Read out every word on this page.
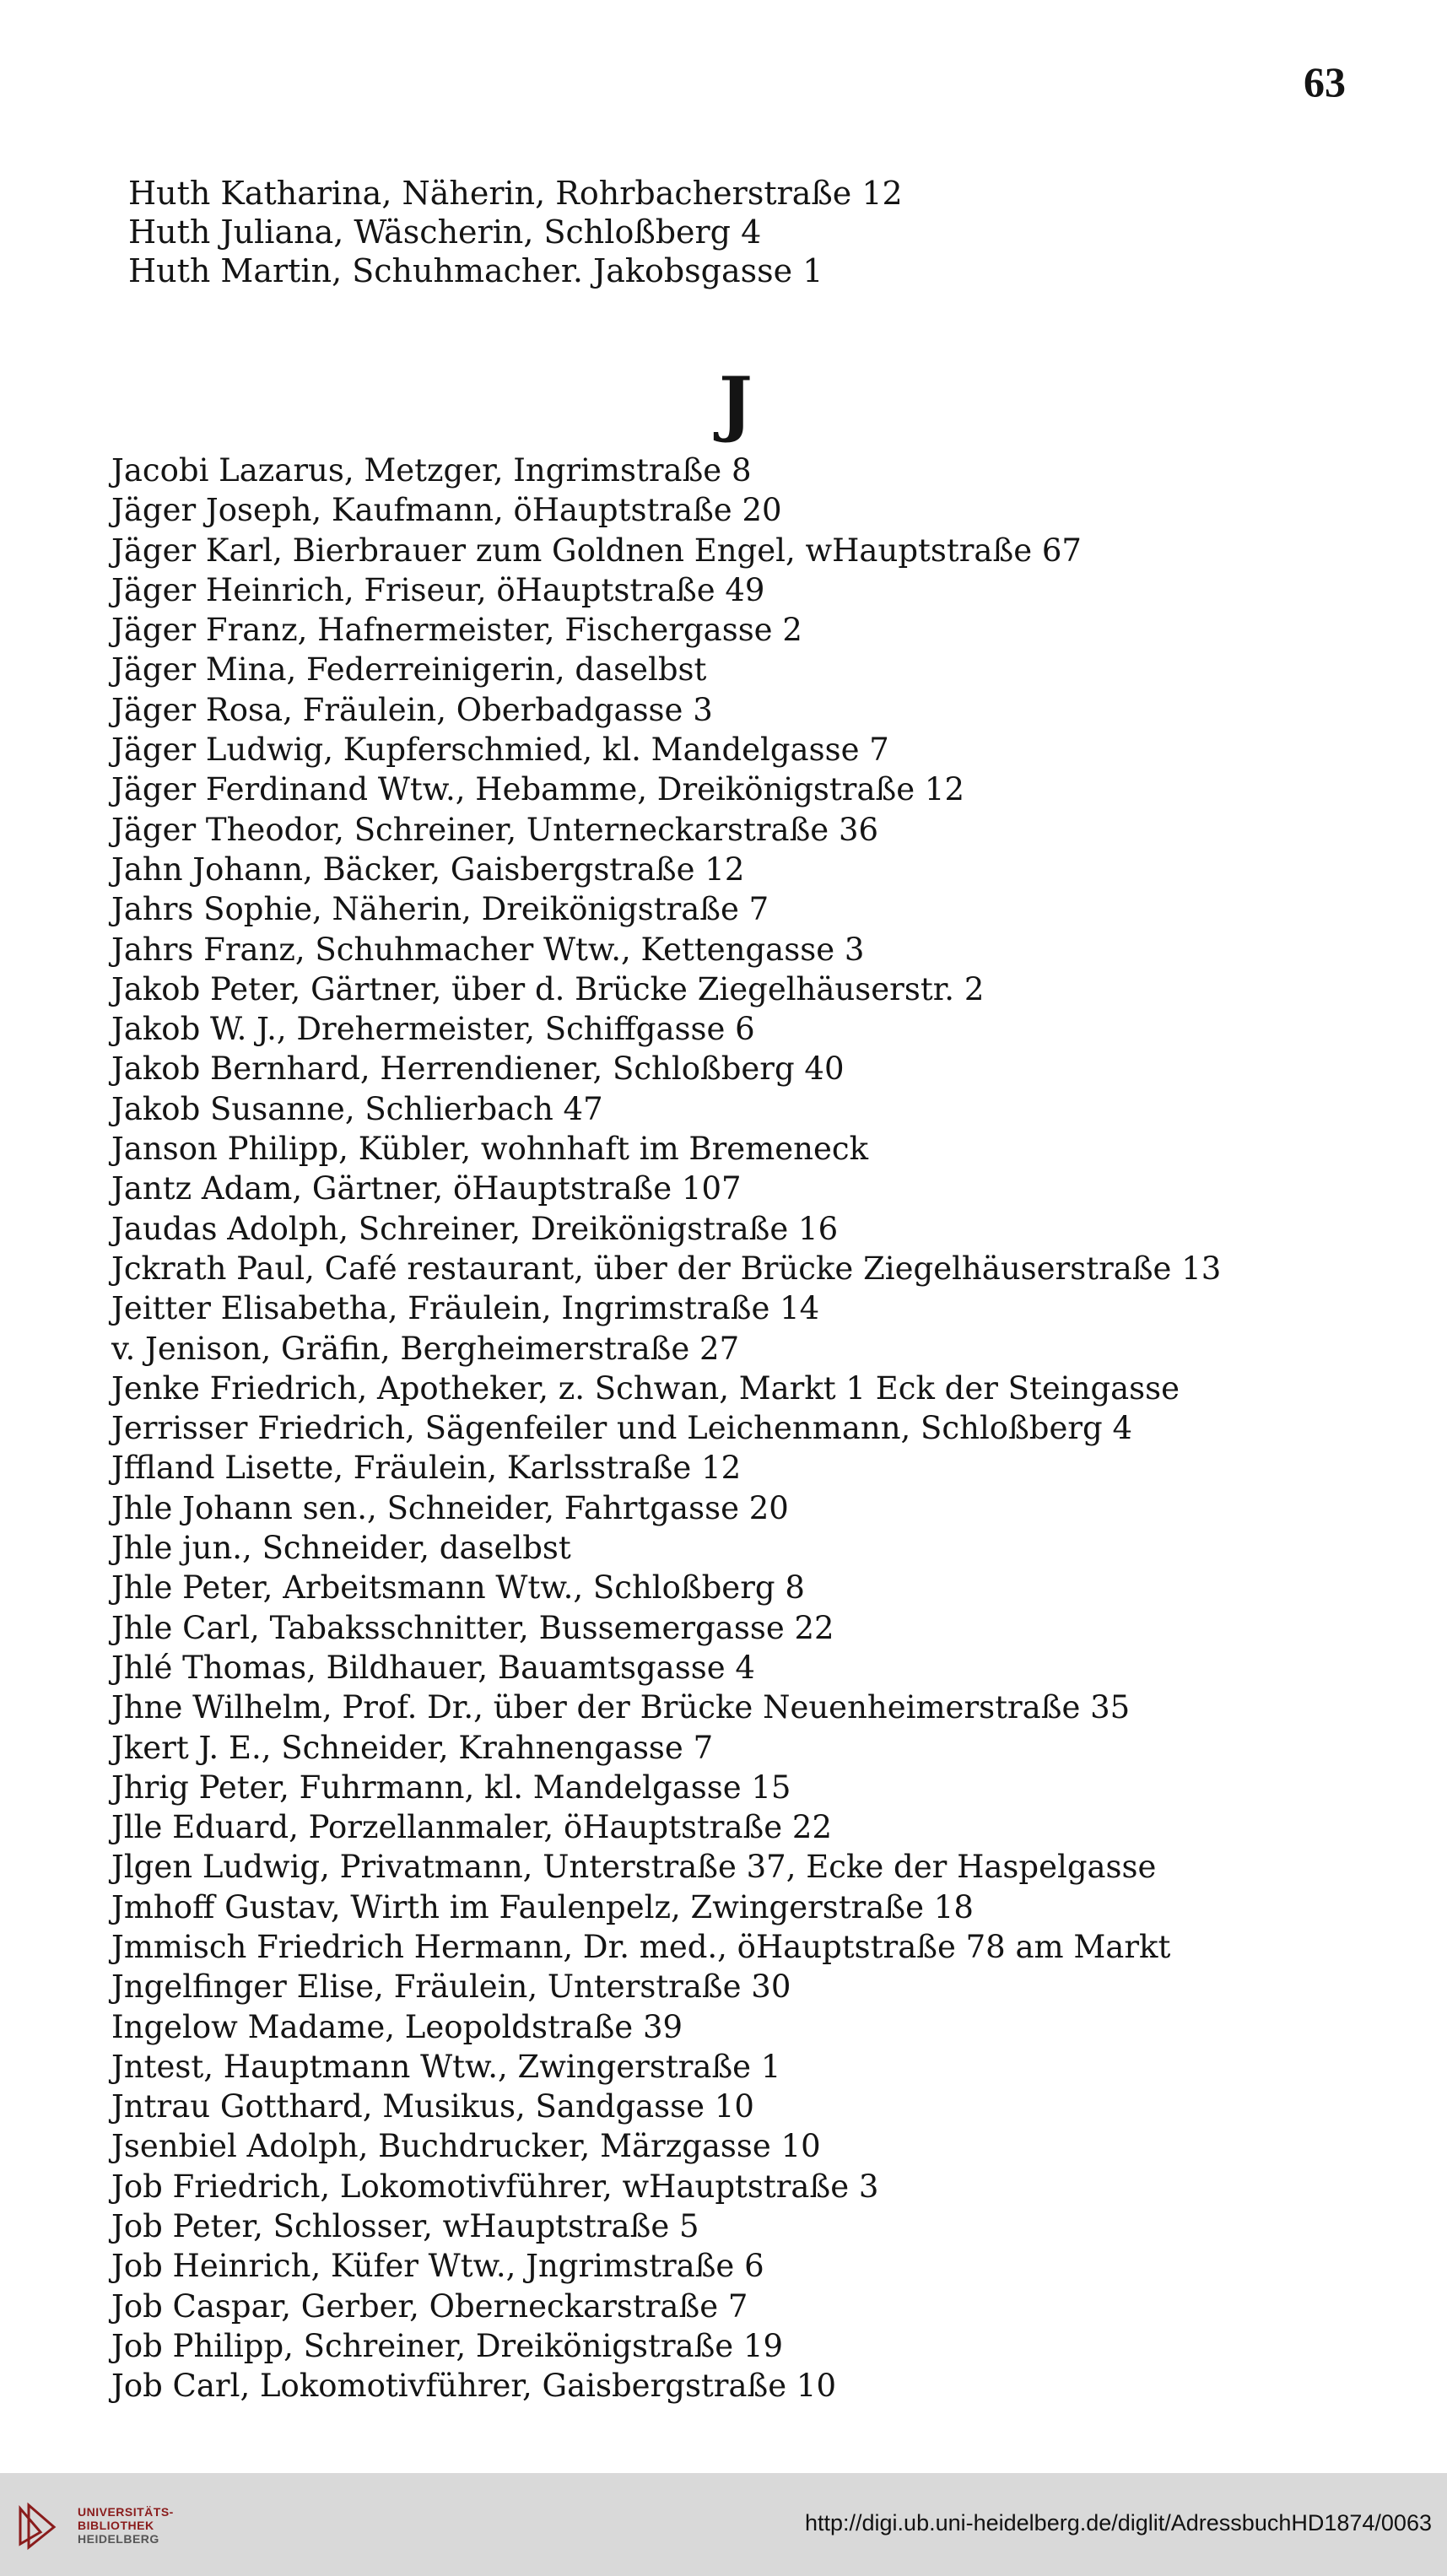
63
Huth Katharina, Näherin, Rohrbacherstraße 12
Huth Juliana, Wäscherin, Schloßberg 4
Huth Martin, Schuhmacher. Jakobsgasse 1
J
Jacobi Lazarus, Metzger, Ingrimstraße 8
Jäger Joseph, Kaufmann, öHauptstraße 20
Jäger Karl, Bierbrauer zum Goldnen Engel, wHauptstraße 67
Jäger Heinrich, Friseur, öHauptstraße 49
Jäger Franz, Hafnermeister, Fischergasse 2
Jäger Mina, Federreinigerin, daselbst
Jäger Rosa, Fräulein, Oberbadgasse 3
Jäger Ludwig, Kupferschmied, kl. Mandelgasse 7
Jäger Ferdinand Wtw., Hebamme, Dreikönigstraße 12
Jäger Theodor, Schreiner, Unterneckarstraße 36
Jahn Johann, Bäcker, Gaisbergstraße 12
Jahrs Sophie, Näherin, Dreikönigstraße 7
Jahrs Franz, Schuhmacher Wtw., Kettengasse 3
Jakob Peter, Gärtner, über d. Brücke Ziegelhäuserstr. 2
Jakob W. J., Drehermeister, Schiffgasse 6
Jakob Bernhard, Herrendiener, Schloßberg 40
Jakob Susanne, Schlierbach 47
Janson Philipp, Kübler, wohnhaft im Bremeneck
Jantz Adam, Gärtner, öHauptstraße 107
Jaudas Adolph, Schreiner, Dreikönigstraße 16
Jckrath Paul, Café restaurant, über der Brücke Ziegelhäuserstraße 13
Jeitter Elisabetha, Fräulein, Ingrimstraße 14
v. Jenison, Gräfin, Bergheimerstraße 27
Jenke Friedrich, Apotheker, z. Schwan, Markt 1 Eck der Steingasse
Jerrisser Friedrich, Sägenfeiler und Leichenmann, Schloßberg 4
Jffland Lisette, Fräulein, Karlsstraße 12
Jhle Johann sen., Schneider, Fahrtgasse 20
Jhle jun., Schneider, daselbst
Jhle Peter, Arbeitsmann Wtw., Schloßberg 8
Jhle Carl, Tabaksschnitter, Bussemergasse 22
Jhlé Thomas, Bildhauer, Bauamtsgasse 4
Jhne Wilhelm, Prof. Dr., über der Brücke Neuenheimerstraße 35
Jkert J. E., Schneider, Krahnengasse 7
Jhrig Peter, Fuhrmann, kl. Mandelgasse 15
Jlle Eduard, Porzellanmaler, öHauptstraße 22
Jlgen Ludwig, Privatmann, Unterstraße 37, Ecke der Haspelgasse
Jmhoff Gustav, Wirth im Faulenpelz, Zwingerstraße 18
Jmmisch Friedrich Hermann, Dr. med., öHauptstraße 78 am Markt
Jngelfinger Elise, Fräulein, Unterstraße 30
Ingelow Madame, Leopoldstraße 39
Jntest, Hauptmann Wtw., Zwingerstraße 1
Jntrau Gotthard, Musikus, Sandgasse 10
Jsenbiel Adolph, Buchdrucker, Märzgasse 10
Job Friedrich, Lokomotivführer, wHauptstraße 3
Job Peter, Schlosser, wHauptstraße 5
Job Heinrich, Küfer Wtw., Jngrimstraße 6
Job Caspar, Gerber, Oberneckarstraße 7
Job Philipp, Schreiner, Dreikönigstraße 19
Job Carl, Lokomotivführer, Gaisbergstraße 10
UNIVERSITÄTS-
BIBLIOTHEK
HEIDELBERG
http://digi.ub.uni-heidelberg.de/diglit/AdressbuchHD1874/0063
